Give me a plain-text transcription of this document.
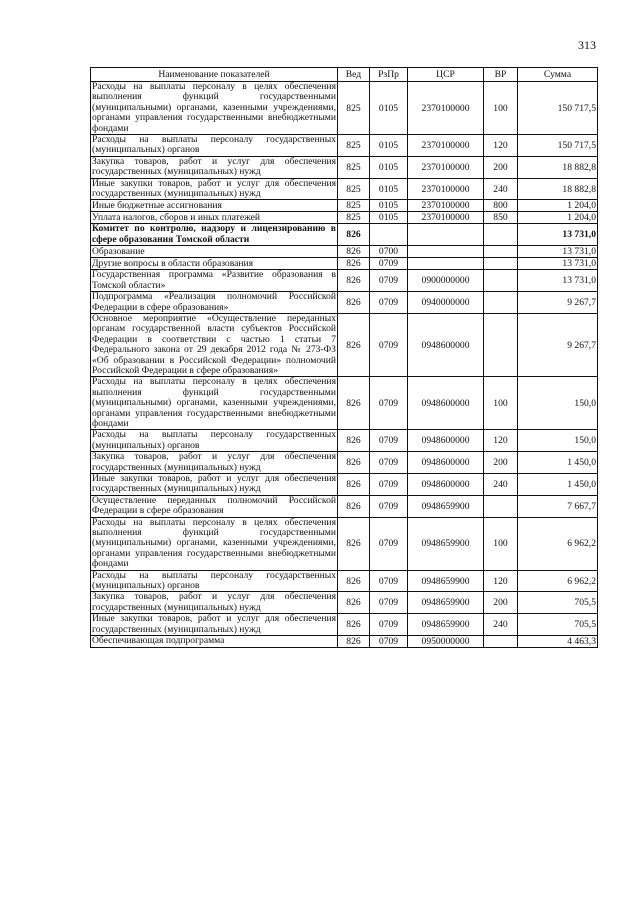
313
Наименование показателей	Вед	РзПр	ЦСР	ВР	Сумма
Расходы на выплаты персоналу в целях обеспечения выполнения функций государственными (муниципальными) органами, казенными учреждениями, органами управления государственными внебюджетными фондами	825	0105	2370100000	100	150 717,5
Расходы на выплаты персоналу государственных (муниципальных) органов	825	0105	2370100000	120	150 717,5
Закупка товаров, работ и услуг для обеспечения государственных (муниципальных) нужд	825	0105	2370100000	200	18 882,8
Иные закупки товаров, работ и услуг для обеспечения государственных (муниципальных) нужд	825	0105	2370100000	240	18 882,8
Иные бюджетные ассигнования	825	0105	2370100000	800	1 204,0
Уплата налогов, сборов и иных платежей	825	0105	2370100000	850	1 204,0
Комитет по контролю, надзору и лицензированию в сфере образования Томской области	826				13 731,0
Образование	826	0700			13 731,0
Другие вопросы в области образования	826	0709			13 731,0
Государственная программа «Развитие образования в Томской области»	826	0709	0900000000		13 731,0
Подпрограмма «Реализация полномочий Российской Федерации в сфере образования»	826	0709	0940000000		9 267,7
Основное мероприятие «Осуществление переданных органам государственной власти субъектов Российской Федерации в соответствии с частью 1 статьи 7 Федерального закона от 29 декабря 2012 года № 273-ФЗ «Об образовании в Российской Федерации» полномочий Российской Федерации в сфере образования»	826	0709	0948600000		9 267,7
Расходы на выплаты персоналу в целях обеспечения выполнения функций государственными (муниципальными) органами, казенными учреждениями, органами управления государственными внебюджетными фондами	826	0709	0948600000	100	150,0
Расходы на выплаты персоналу государственных (муниципальных) органов	826	0709	0948600000	120	150,0
Закупка товаров, работ и услуг для обеспечения государственных (муниципальных) нужд	826	0709	0948600000	200	1 450,0
Иные закупки товаров, работ и услуг для обеспечения государственных (муниципальных) нужд	826	0709	0948600000	240	1 450,0
Осуществление переданных полномочий Российской Федерации в сфере образования	826	0709	0948659900		7 667,7
Расходы на выплаты персоналу в целях обеспечения выполнения функций государственными (муниципальными) органами, казенными учреждениями, органами управления государственными внебюджетными фондами	826	0709	0948659900	100	6 962,2
Расходы на выплаты персоналу государственных (муниципальных) органов	826	0709	0948659900	120	6 962,2
Закупка товаров, работ и услуг для обеспечения государственных (муниципальных) нужд	826	0709	0948659900	200	705,5
Иные закупки товаров, работ и услуг для обеспечения государственных (муниципальных) нужд	826	0709	0948659900	240	705,5
Обеспечивающая подпрограмма	826	0709	0950000000		4 463,3
